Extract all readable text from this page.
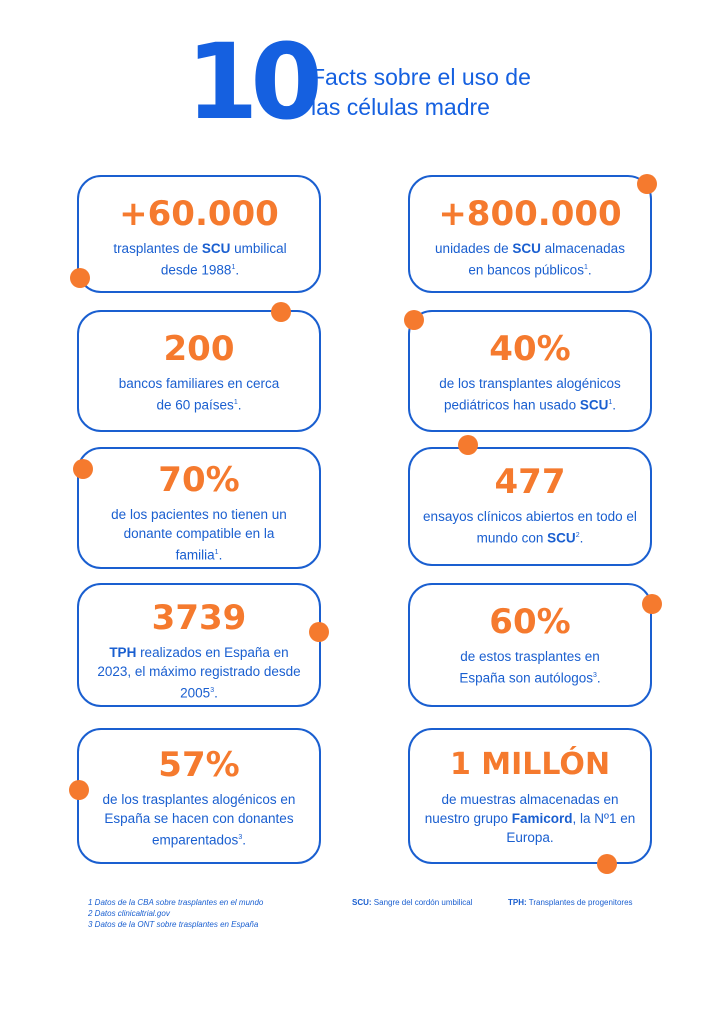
10
Facts sobre el uso de
las células madre
+60.000
trasplantes de SCU umbilical desde $1988^1$.
+800.000
unidades de SCU almacenadas en bancos públicos$^1$.
200
bancos familiares en cerca de 60 países$^1$.
40%
de los transplantes alogénicos pediátricos han usado SCU$^1$.
70%
de los pacientes no tienen un donante compatible en la familia$^1$.
477
ensayos clínicos abiertos en todo el mundo con SCU$^2$.
3739
TPH realizados en España en 2023, el máximo registrado desde 2005$^3$.
60%
de estos trasplantes en España son autólogos$^3$.
57%
de los trasplantes alogénicos en España se hacen con donantes emparentados$^3$.
1 MILLÓN
de muestras almacenadas en nuestro grupo Famicord, la Nº1 en Europa.
1 Datos de la CBA sobre trasplantes en el mundo
2 Datos clinicaltrial.gov
3 Datos de la ONT sobre trasplantes en España
SCU: Sangre del cordón umbilical	TPH: Transplantes de progenitores
